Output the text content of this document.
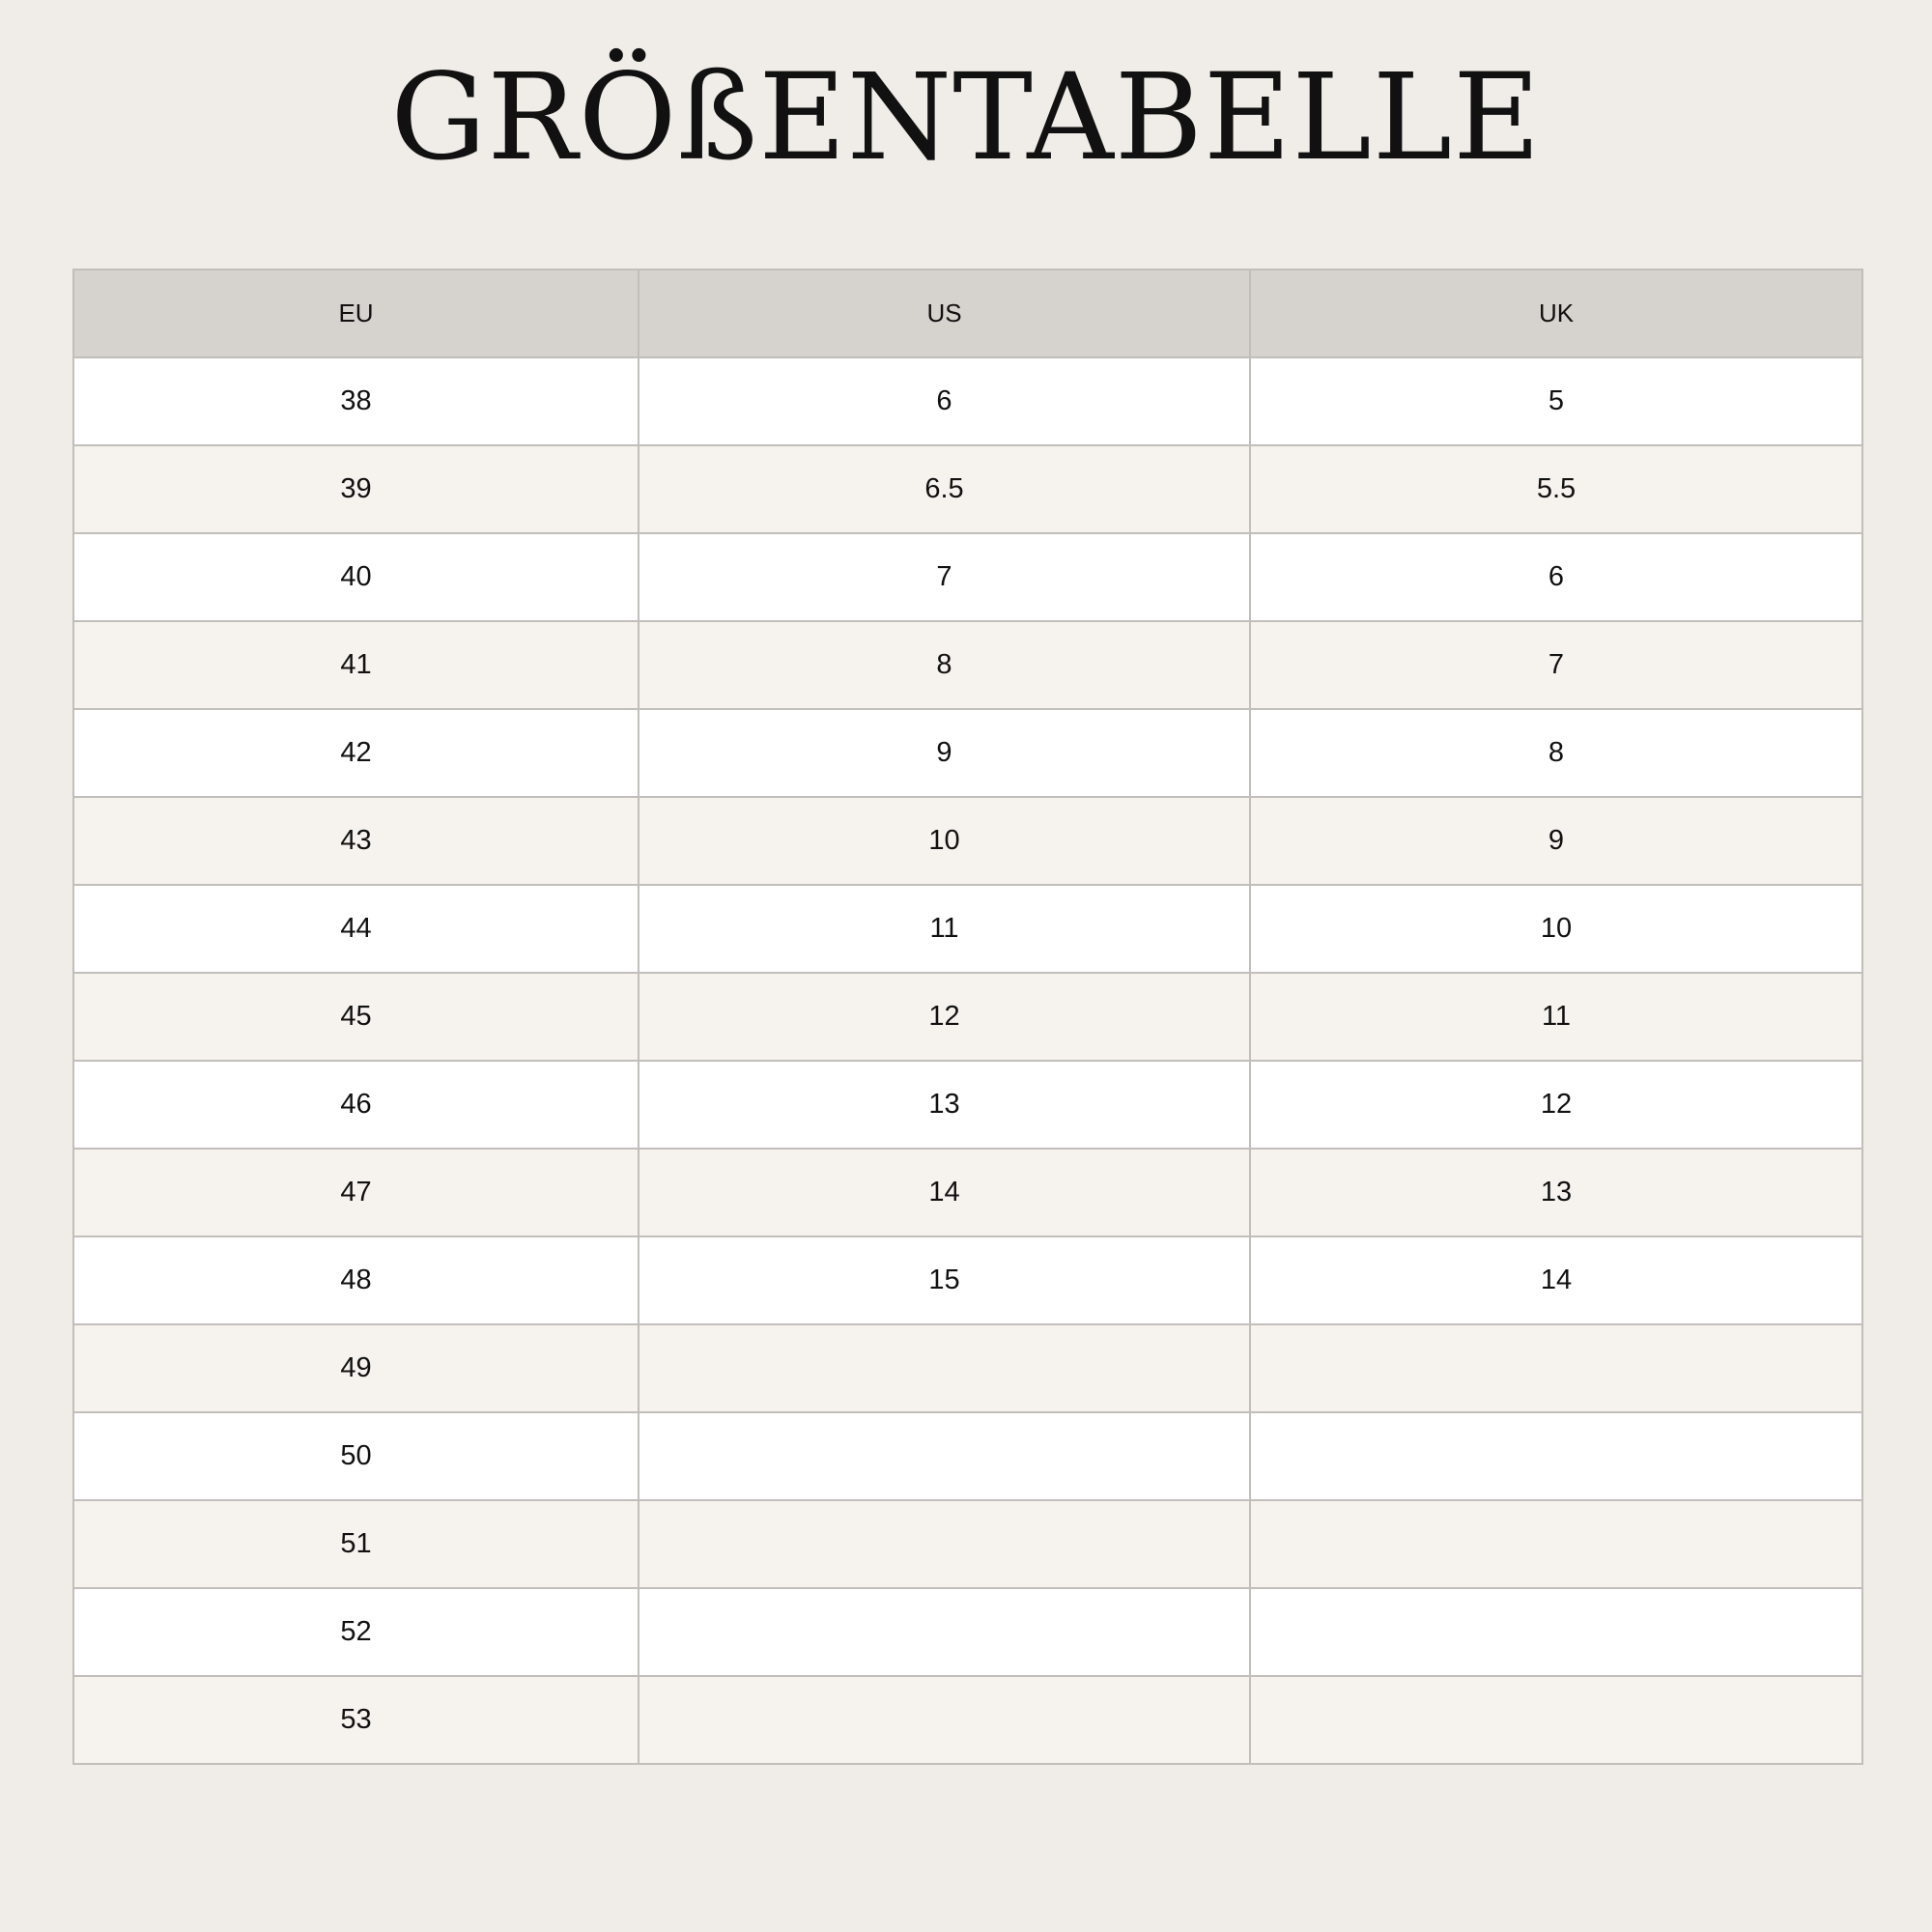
GRÖßENTABELLE
EU	US	UK
38	6	5
39	6.5	5.5
40	7	6
41	8	7
42	9	8
43	10	9
44	11	10
45	12	11
46	13	12
47	14	13
48	15	14
49		
50		
51		
52		
53		
